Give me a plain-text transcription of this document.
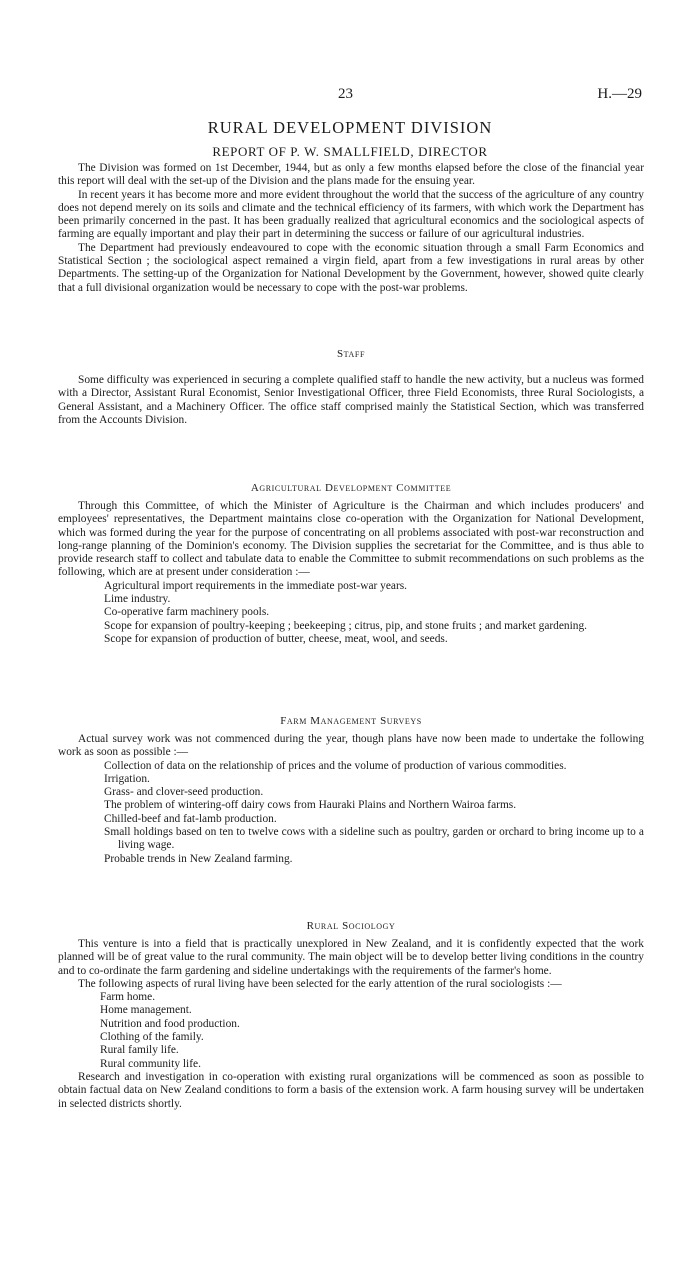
23	H.—29
RURAL DEVELOPMENT DIVISION
REPORT OF P. W. SMALLFIELD, DIRECTOR

The Division was formed on 1st December, 1944, but as only a few months elapsed before the close of the financial year this report will deal with the set-up of the Division and the plans made for the ensuing year.

In recent years it has become more and more evident throughout the world that the success of the agriculture of any country does not depend merely on its soils and climate and the technical efficiency of its farmers, with which work the Department has been primarily concerned in the past. It has been gradually realized that agricultural economics and the sociological aspects of farming are equally important and play their part in determining the success or failure of our agricultural industries.

The Department had previously endeavoured to cope with the economic situation through a small Farm Economics and Statistical Section ; the sociological aspect remained a virgin field, apart from a few investigations in rural areas by other Departments. The setting-up of the Organization for National Development by the Government, however, showed quite clearly that a full divisional organization would be necessary to cope with the post-war problems.

Staff

Some difficulty was experienced in securing a complete qualified staff to handle the new activity, but a nucleus was formed with a Director, Assistant Rural Economist, Senior Investigational Officer, three Field Economists, three Rural Sociologists, a General Assistant, and a Machinery Officer. The office staff comprised mainly the Statistical Section, which was transferred from the Accounts Division.

Agricultural Development Committee

Through this Committee, of which the Minister of Agriculture is the Chairman and which includes producers' and employees' representatives, the Department maintains close co-operation with the Organization for National Development, which was formed during the year for the purpose of concentrating on all problems associated with post-war reconstruction and long-range planning of the Dominion's economy. The Division supplies the secretariat for the Committee, and is thus able to provide research staff to collect and tabulate data to enable the Committee to submit recommendations on such problems as the following, which are at present under consideration :—

Agricultural import requirements in the immediate post-war years.
Lime industry.
Co-operative farm machinery pools.
Scope for expansion of poultry-keeping ; beekeeping ; citrus, pip, and stone fruits ; and market gardening.
Scope for expansion of production of butter, cheese, meat, wool, and seeds.
Farm Management Surveys

Actual survey work was not commenced during the year, though plans have now been made to undertake the following work as soon as possible :—

Collection of data on the relationship of prices and the volume of production of various commodities.
Irrigation.
Grass- and clover-seed production.
The problem of wintering-off dairy cows from Hauraki Plains and Northern Wairoa farms.
Chilled-beef and fat-lamb production.
Small holdings based on ten to twelve cows with a sideline such as poultry, garden or orchard to bring income up to a living wage.
Probable trends in New Zealand farming.
Rural Sociology

This venture is into a field that is practically unexplored in New Zealand, and it is confidently expected that the work planned will be of great value to the rural community. The main object will be to develop better living conditions in the country and to co-ordinate the farm gardening and sideline undertakings with the requirements of the farmer's home.

The following aspects of rural living have been selected for the early attention of the rural sociologists :—

Farm home.
Home management.
Nutrition and food production.
Clothing of the family.
Rural family life.
Rural community life.

Research and investigation in co-operation with existing rural organizations will be commenced as soon as possible to obtain factual data on New Zealand conditions to form a basis of the extension work. A farm housing survey will be undertaken in selected districts shortly.
